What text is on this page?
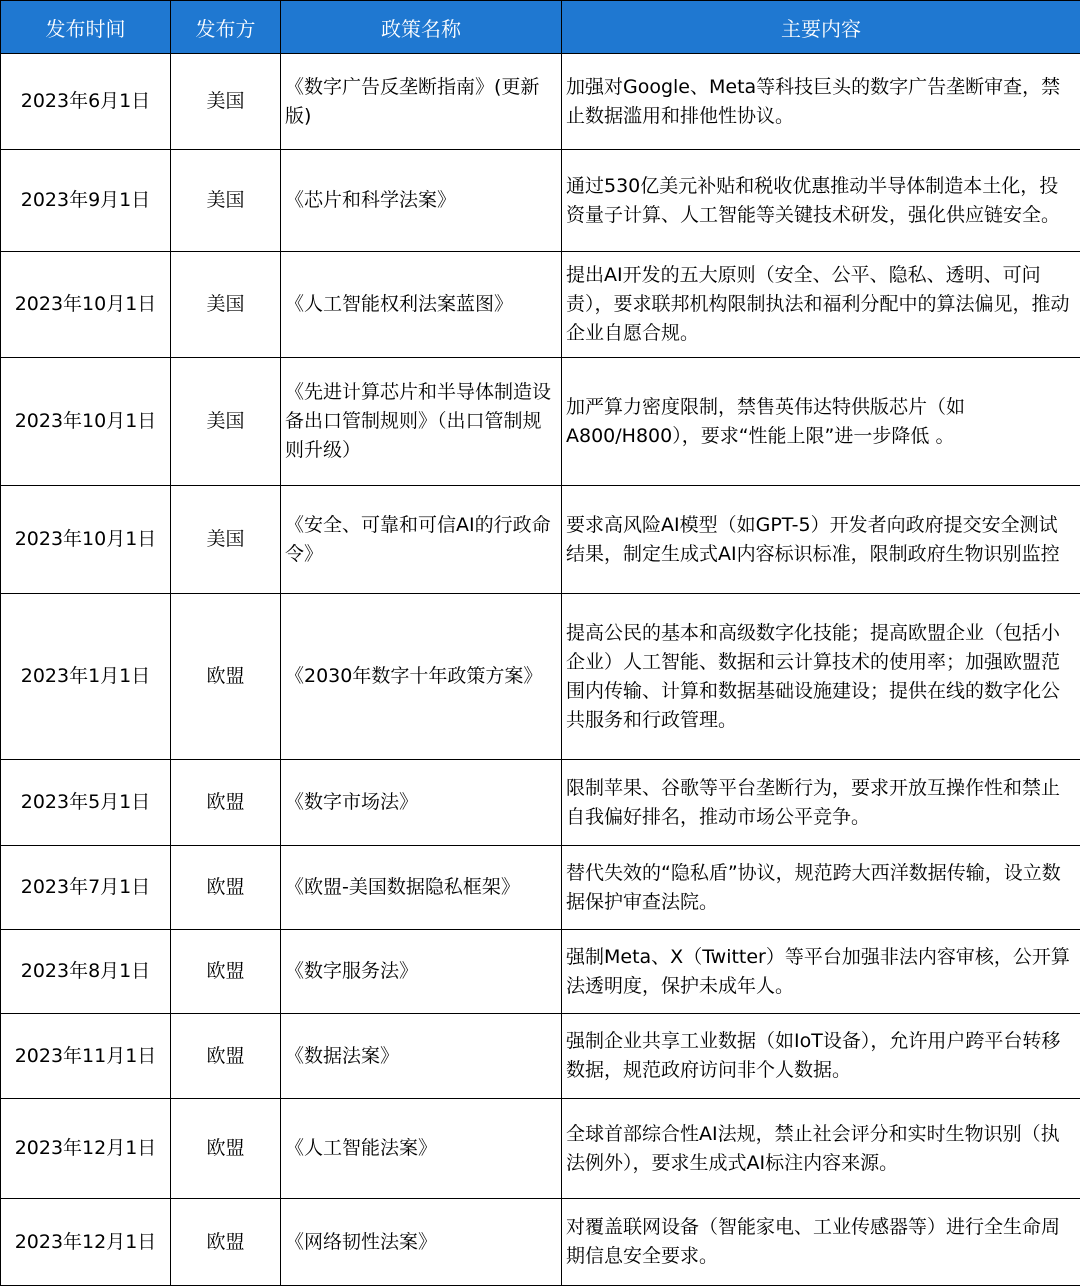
发布时间	发布方	政策名称	主要内容
2023年6月1日	美国	《数字广告反垄断指南》(更新版)	加强对Google、Meta等科技巨头的数字广告垄断审查，禁止数据滥用和排他性协议。
2023年9月1日	美国	《芯片和科学法案》	通过530亿美元补贴和税收优惠推动半导体制造本土化，投资量子计算、人工智能等关键技术研发，强化供应链安全。
2023年10月1日	美国	《人工智能权利法案蓝图》	提出AI开发的五大原则（安全、公平、隐私、透明、可问责），要求联邦机构限制执法和福利分配中的算法偏见，推动企业自愿合规。
2023年10月1日	美国	《先进计算芯片和半导体制造设备出口管制规则》（出口管制规则升级）	加严算力密度限制，禁售英伟达特供版芯片（如A800/H800），要求“性能上限”进一步降低 。
2023年10月1日	美国	《安全、可靠和可信AI的行政命令》	要求高风险AI模型（如GPT-5）开发者向政府提交安全测试结果，制定生成式AI内容标识标准，限制政府生物识别监控
2023年1月1日	欧盟	《2030年数字十年政策方案》	提高公民的基本和高级数字化技能；提高欧盟企业（包括小企业）人工智能、数据和云计算技术的使用率；加强欧盟范围内传输、计算和数据基础设施建设；提供在线的数字化公共服务和行政管理。
2023年5月1日	欧盟	《数字市场法》	限制苹果、谷歌等平台垄断行为，要求开放互操作性和禁止自我偏好排名，推动市场公平竞争。
2023年7月1日	欧盟	《欧盟-美国数据隐私框架》	替代失效的“隐私盾”协议，规范跨大西洋数据传输，设立数据保护审查法院。
2023年8月1日	欧盟	《数字服务法》	强制Meta、X（Twitter）等平台加强非法内容审核，公开算法透明度，保护未成年人。
2023年11月1日	欧盟	《数据法案》	强制企业共享工业数据（如IoT设备），允许用户跨平台转移数据，规范政府访问非个人数据。
2023年12月1日	欧盟	《人工智能法案》	全球首部综合性AI法规，禁止社会评分和实时生物识别（执法例外），要求生成式AI标注内容来源。
2023年12月1日	欧盟	《网络韧性法案》	对覆盖联网设备（智能家电、工业传感器等）进行全生命周期信息安全要求。
